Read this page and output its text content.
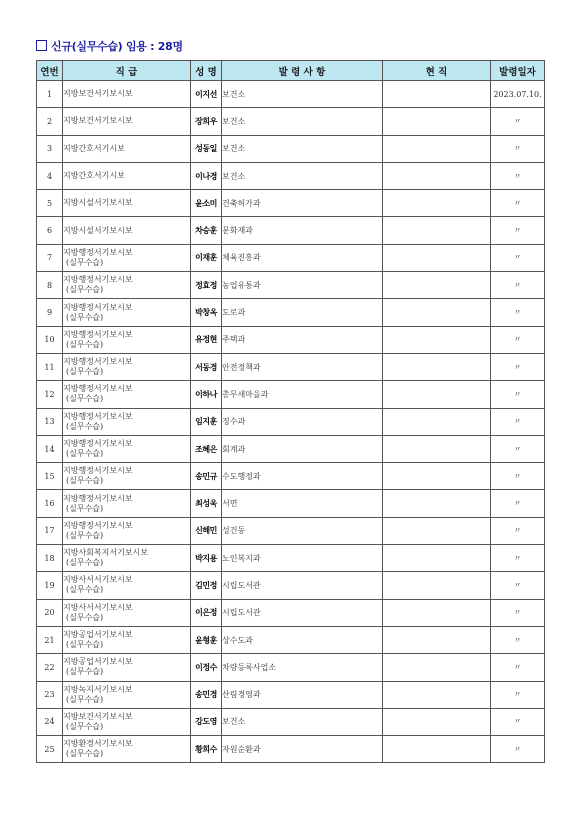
신규(실무수습) 임용 : 28명
연번	직 급	성 명	발 령 사 항	현 직	발령일자
1	지방보건서기보시보	이지선	보건소		2023.07.10.
2	지방보건서기보시보	장희우	보건소		〃
3	지방간호서기시보	성동일	보건소		〃
4	지방간호서기시보	이나경	보건소		〃
5	지방시설서기보시보	윤소미	건축허가과		〃
6	지방시설서기보시보	차승훈	문화재과		〃
7	지방행정서기보시보
(실무수습)	이재훈	체육진흥과		〃
8	지방행정서기보시보
(실무수습)	정효정	농업유통과		〃
9	지방행정서기보시보
(실무수습)	박창옥	도로과		〃
10	지방행정서기보시보
(실무수습)	유정현	주택과		〃
11	지방행정서기보시보
(실무수습)	서동경	안전정책과		〃
12	지방행정서기보시보
(실무수습)	이하나	총무새마을과		〃
13	지방행정서기보시보
(실무수습)	임지훈	징수과		〃
14	지방행정서기보시보
(실무수습)	조혜은	회계과		〃
15	지방행정서기보시보
(실무수습)	송민규	수도행정과		〃
16	지방행정서기보시보
(실무수습)	최성욱	서면		〃
17	지방행정서기보시보
(실무수습)	신해민	성건동		〃
18	지방사회복지서기보시보
(실무수습)	박지용	노인복지과		〃
19	지방사서서기보시보
(실무수습)	김민정	시립도서관		〃
20	지방사서서기보시보
(실무수습)	이은정	시립도서관		〃
21	지방공업서기보시보
(실무수습)	윤형훈	상수도과		〃
22	지방공업서기보시보
(실무수습)	이정수	차량등록사업소		〃
23	지방녹지서기보시보
(실무수습)	송민경	산림경영과		〃
24	지방보건서기보시보
(실무수습)	강도영	보건소		〃
25	지방환경서기보시보
(실무수습)	황희수	자원순환과		〃
